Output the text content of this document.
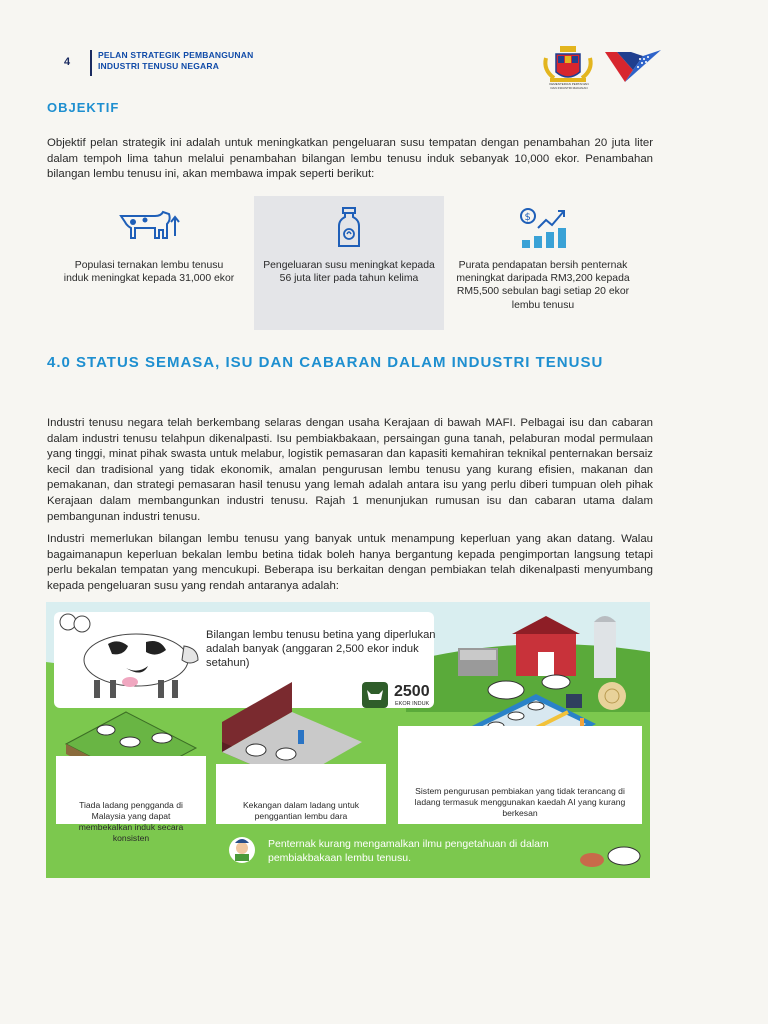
4
PELAN STRATEGIK PEMBANGUNAN
INDUSTRI TENUSU NEGARA
KEMENTERIAN PERTANIAN
DAN INDUSTRI MAKANAN
OBJEKTIF

Objektif pelan strategik ini adalah untuk meningkatkan pengeluaran susu tempatan dengan penambahan 20 juta liter dalam tempoh lima tahun melalui penambahan bilangan lembu tenusu induk sebanyak 10,000 ekor. Penambahan bilangan lembu tenusu ini, akan membawa impak seperti berikut:

Populasi ternakan lembu tenusu induk meningkat kepada 31,000 ekor
Pengeluaran susu meningkat kepada 56 juta liter pada tahun kelima
$
Purata pendapatan bersih penternak meningkat daripada RM3,200 kepada RM5,500 sebulan bagi setiap 20 ekor lembu tenusu
4.0 STATUS SEMASA, ISU DAN CABARAN DALAM INDUSTRI TENUSU

Industri tenusu negara telah berkembang selaras dengan usaha Kerajaan di bawah MAFI. Pelbagai isu dan cabaran dalam industri tenusu telahpun dikenalpasti. Isu pembiakbakaan, persaingan guna tanah, pelaburan modal permulaan yang tinggi, minat pihak swasta untuk melabur, logistik pemasaran dan kapasiti kemahiran teknikal penternakan bersaiz kecil dan tradisional yang tidak ekonomik, amalan pengurusan lembu tenusu yang kurang efisien, makanan dan pemakanan, dan strategi pemasaran hasil tenusu yang lemah adalah antara isu yang perlu diberi tumpuan oleh pihak Kerajaan dalam membangunkan industri tenusu. Rajah 1 menunjukan rumusan isu dan cabaran utama dalam pembangunan industri tenusu.

Industri memerlukan bilangan lembu tenusu yang banyak untuk menampung keperluan yang akan datang. Walau bagaimanapun keperluan bekalan lembu betina tidak boleh hanya bergantung kepada pengimportan langsung tetapi perlu bekalan tempatan yang mencukupi. Beberapa isu berkaitan dengan pembiakan telah dikenalpasti menyumbang kepada pengeluaran susu yang rendah antaranya adalah:

Bilangan lembu tenusu betina yang diperlukan adalah banyak (anggaran 2,500 ekor induk setahun)
2500
EKOR INDUK
Tiada ladang pengganda di Malaysia yang dapat membekalkan induk secara konsisten
Kekangan dalam ladang untuk penggantian lembu dara
Sistem pengurusan pembiakan yang tidak terancang di ladang termasuk menggunakan kaedah AI yang kurang berkesan
Penternak kurang mengamalkan ilmu pengetahuan di dalam pembiakbakaan lembu tenusu.
